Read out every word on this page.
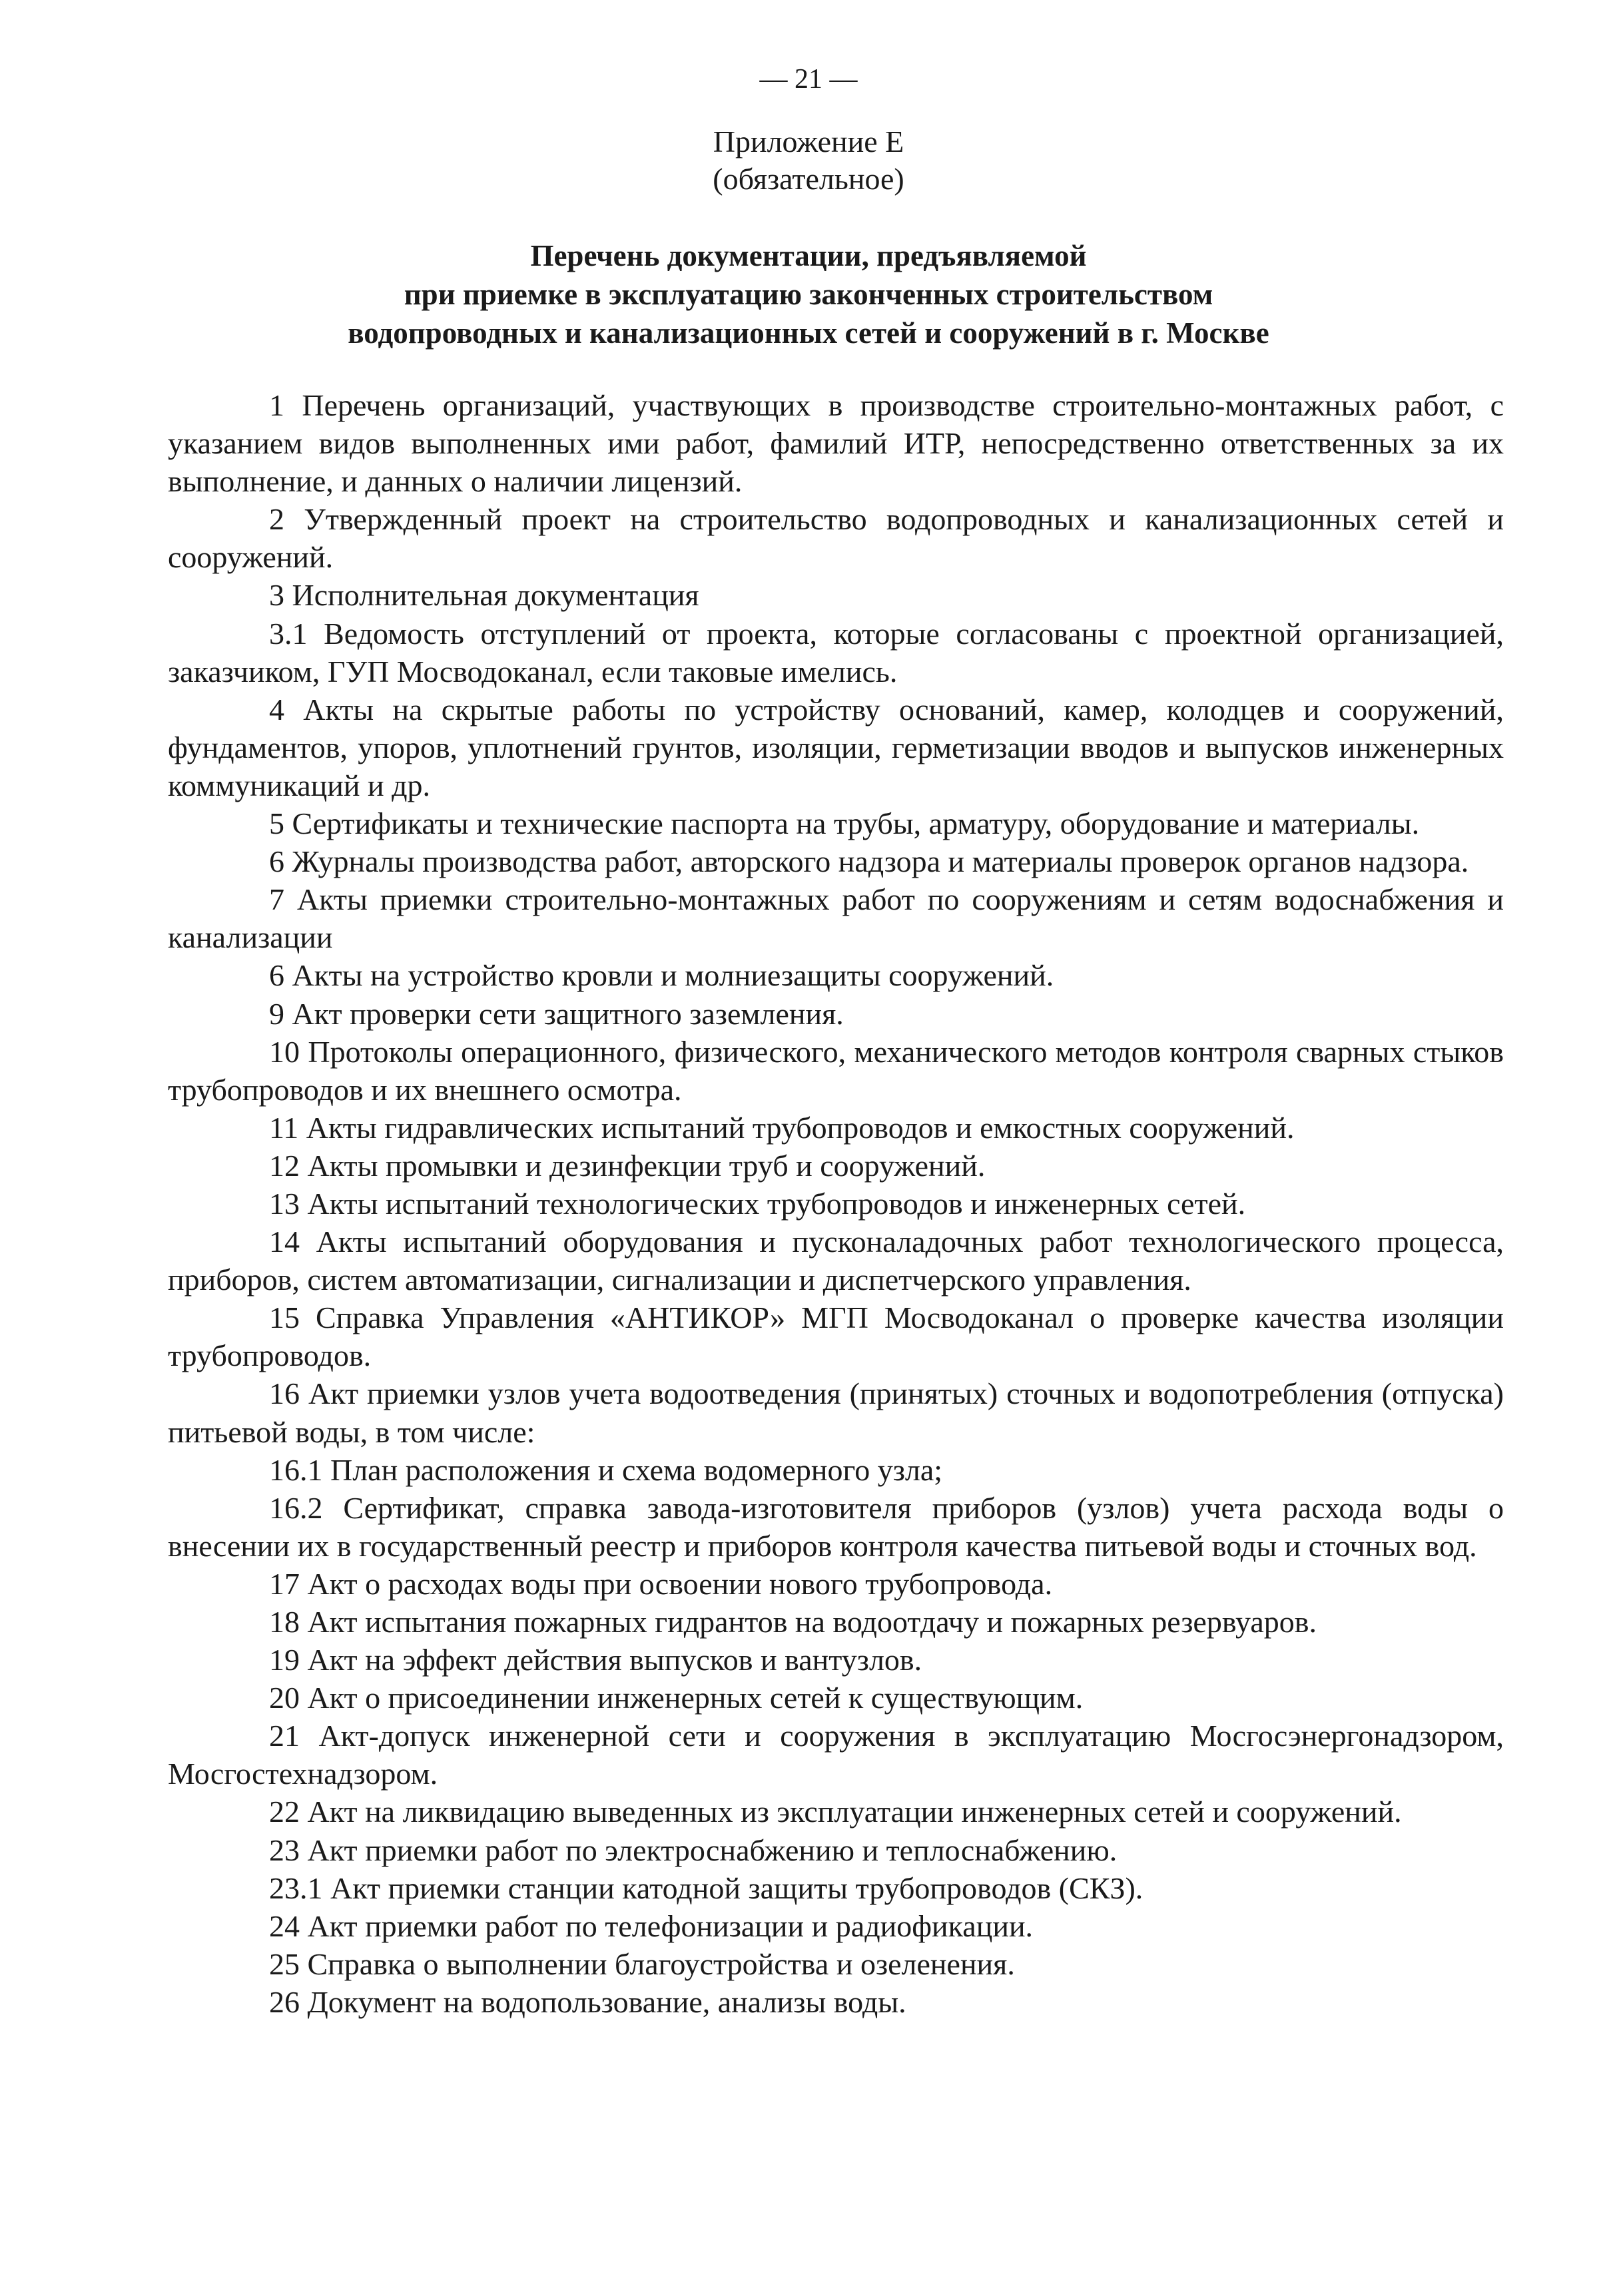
— 21 —
Приложение Е
(обязательное)
Перечень документации, предъявляемой
при приемке в эксплуатацию законченных строительством
водопроводных и канализационных сетей и сооружений в г. Москве

1 Перечень организаций, участвующих в производстве строительно-монтажных работ, с указанием видов выполненных ими работ, фамилий ИТР, непосредственно ответственных за их выполнение, и данных о наличии лицензий.

2 Утвержденный проект на строительство водопроводных и канализационных сетей и сооружений.

3 Исполнительная документация

3.1 Ведомость отступлений от проекта, которые согласованы с проектной организацией, заказчиком, ГУП Мосводоканал, если таковые имелись.

4 Акты на скрытые работы по устройству оснований, камер, колодцев и сооружений, фундаментов, упоров, уплотнений грунтов, изоляции, герметизации вводов и выпусков инженерных коммуникаций и др.

5 Сертификаты и технические паспорта на трубы, арматуру, оборудование и материалы.

6 Журналы производства работ, авторского надзора и материалы проверок органов надзора.

7 Акты приемки строительно-монтажных работ по сооружениям и сетям водоснабжения и канализации

6 Акты на устройство кровли и молниезащиты сооружений.

9 Акт проверки сети защитного заземления.

10 Протоколы операционного, физического, механического методов контроля сварных стыков трубопроводов и их внешнего осмотра.

11 Акты гидравлических испытаний трубопроводов и емкостных сооружений.

12 Акты промывки и дезинфекции труб и сооружений.

13 Акты испытаний технологических трубопроводов и инженерных сетей.

14 Акты испытаний оборудования и пусконаладочных работ технологического процесса, приборов, систем автоматизации, сигнализации и диспетчерского управления.

15 Справка Управления «АНТИКОР» МГП Мосводоканал о проверке качества изоляции трубопроводов.

16 Акт приемки узлов учета водоотведения (принятых) сточных и водопотребления (отпуска) питьевой воды, в том числе:

16.1 План расположения и схема водомерного узла;

16.2 Сертификат, справка завода-изготовителя приборов (узлов) учета расхода воды о внесении их в государственный реестр и приборов контроля качества питьевой воды и сточных вод.

17 Акт о расходах воды при освоении нового трубопровода.

18 Акт испытания пожарных гидрантов на водоотдачу и пожарных резервуаров.

19 Акт на эффект действия выпусков и вантузлов.

20 Акт о присоединении инженерных сетей к существующим.

21 Акт-допуск инженерной сети и сооружения в эксплуатацию Мосгосэнергонадзором, Мосгостехнадзором.

22 Акт на ликвидацию выведенных из эксплуатации инженерных сетей и сооружений.

23 Акт приемки работ по электроснабжению и теплоснабжению.

23.1 Акт приемки станции катодной защиты трубопроводов (СКЗ).

24 Акт приемки работ по телефонизации и радиофикации.

25 Справка о выполнении благоустройства и озеленения.

26 Документ на водопользование, анализы воды.
